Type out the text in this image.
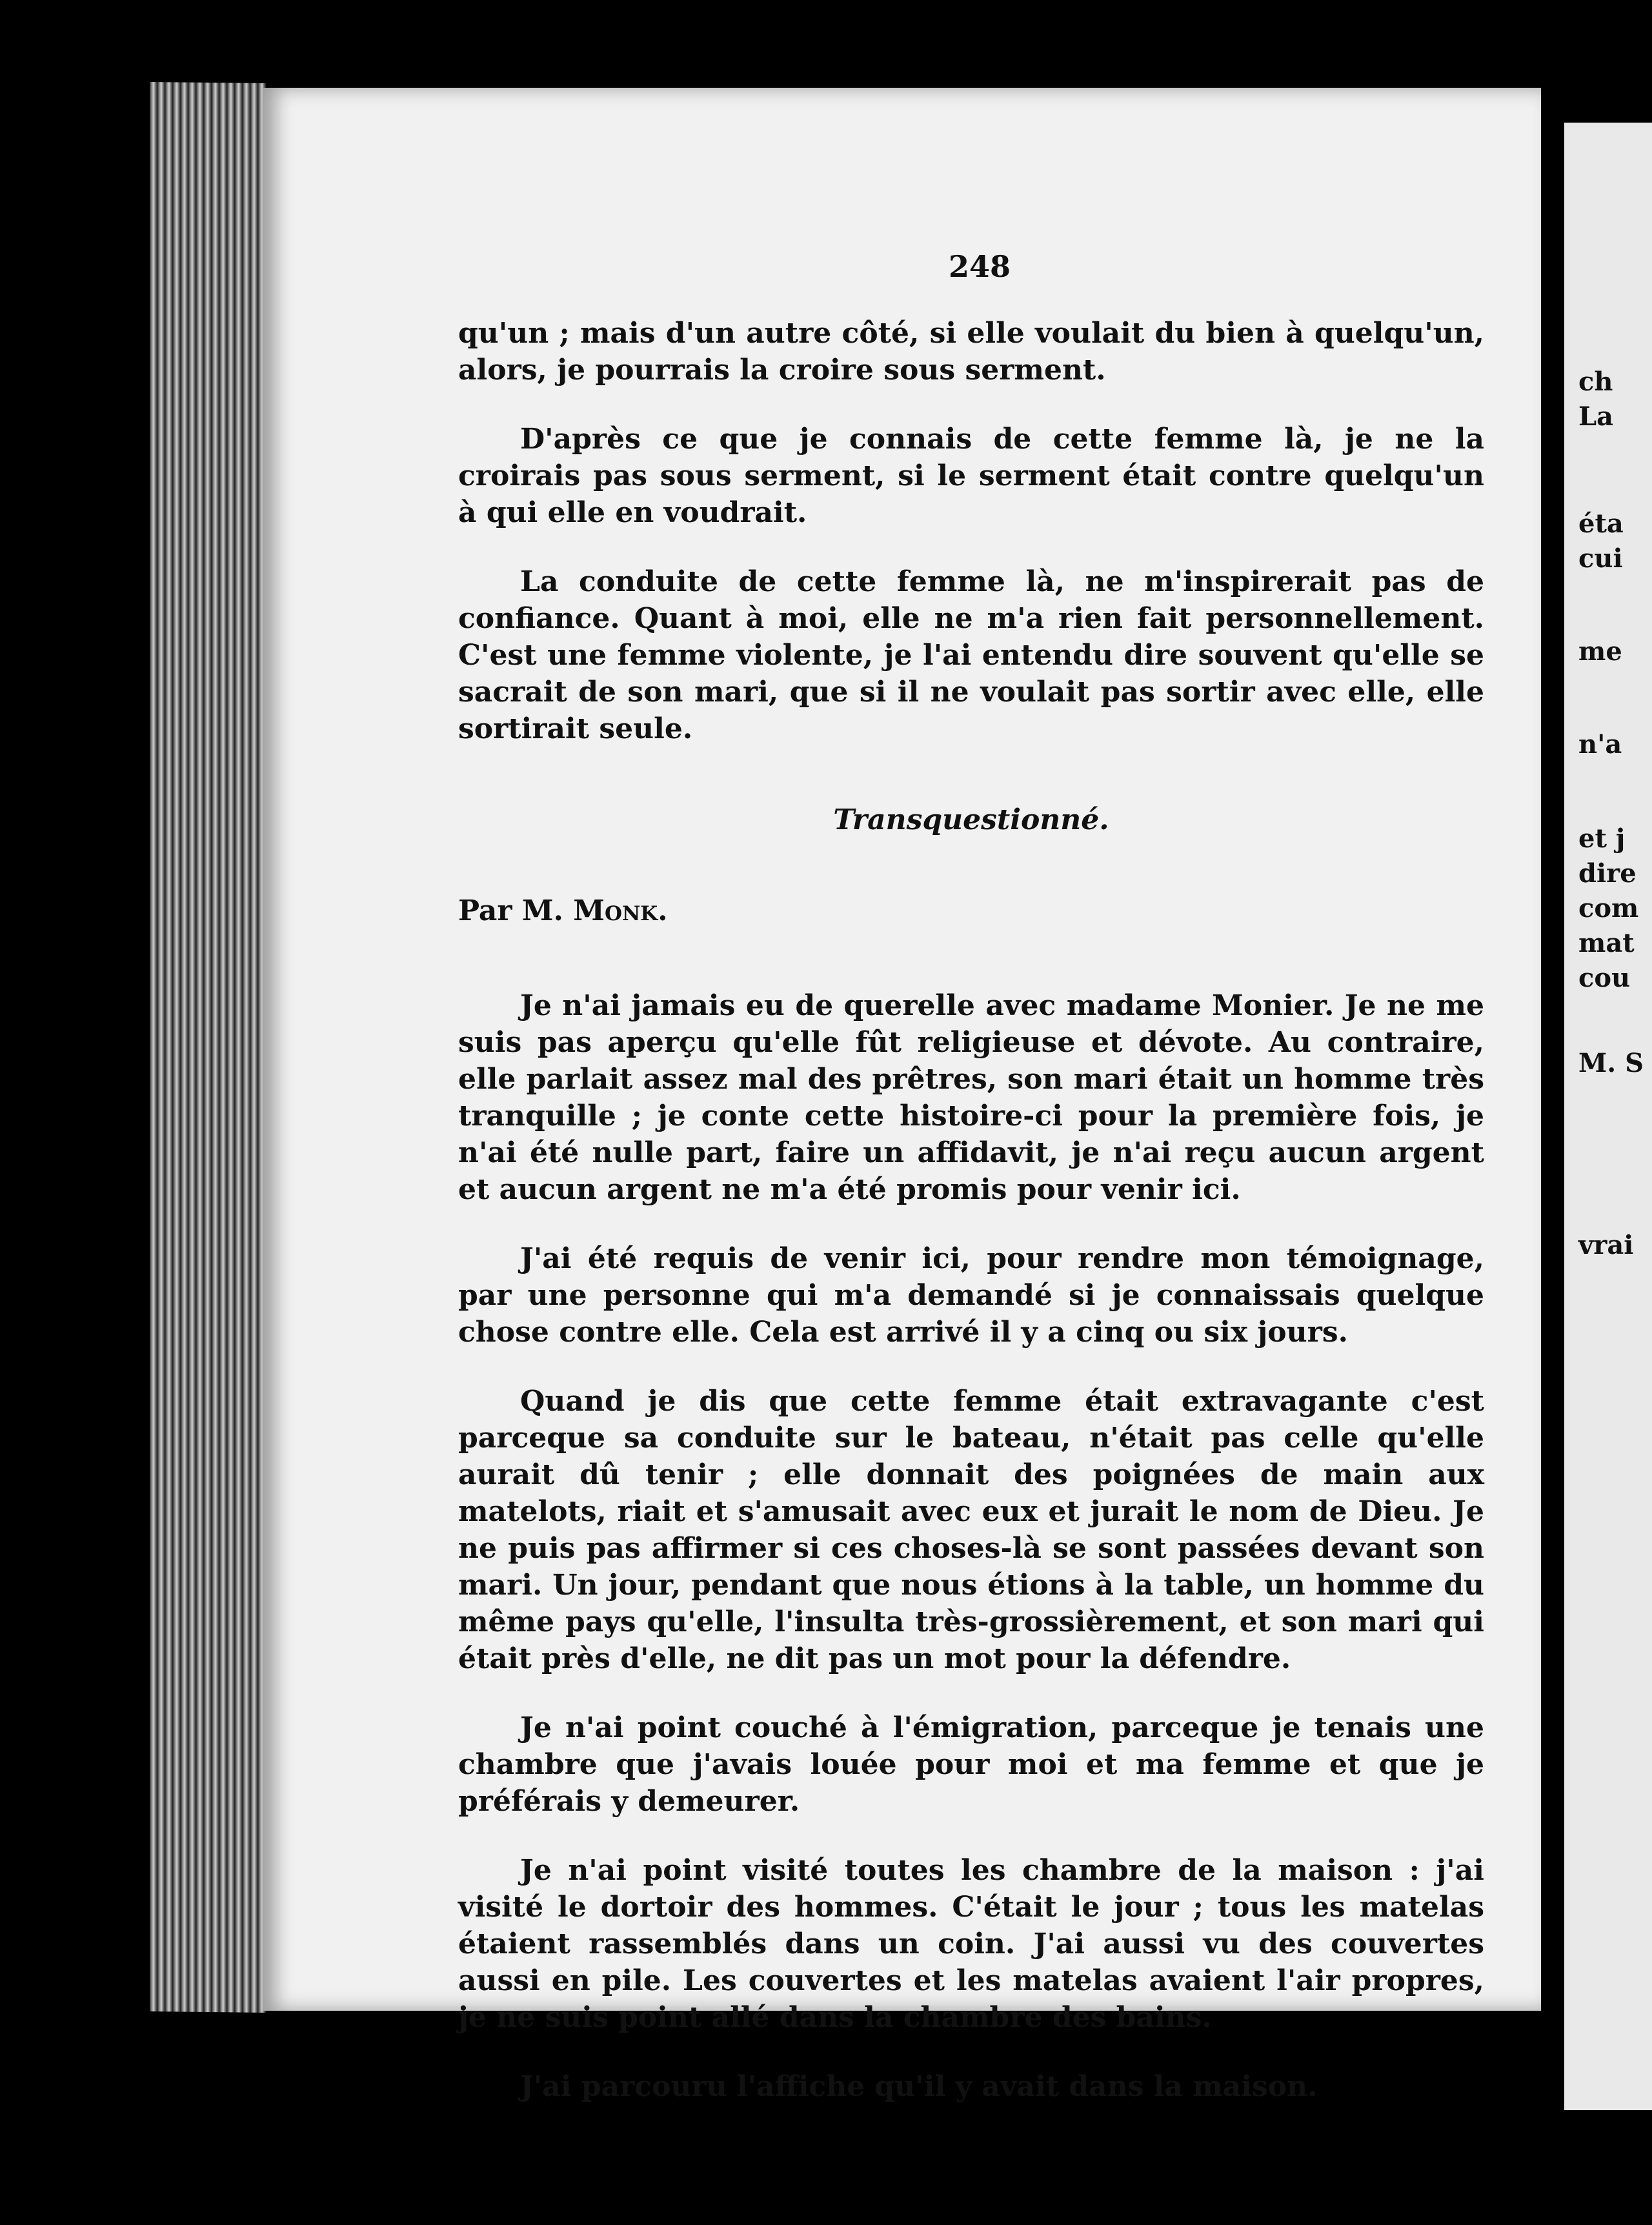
ch
La
éta
cui
me
n'a
et j
dire
com
mat
cou
M. S
vrai
248

qu'un ; mais d'un autre côté, si elle voulait du bien à quelqu'un, alors, je pourrais la croire sous serment.

D'après ce que je connais de cette femme là, je ne la croirais pas sous serment, si le serment était contre quelqu'un à qui elle en voudrait.

La conduite de cette femme là, ne m'inspirerait pas de confiance. Quant à moi, elle ne m'a rien fait personnellement. C'est une femme violente, je l'ai entendu dire souvent qu'elle se sacrait de son mari, que si il ne voulait pas sortir avec elle, elle sortirait seule.

Transquestionné.
Par M. Monk.

Je n'ai jamais eu de querelle avec madame Monier. Je ne me suis pas aperçu qu'elle fût religieuse et dévote. Au contraire, elle parlait assez mal des prêtres, son mari était un homme très tranquille ; je conte cette histoire-ci pour la première fois, je n'ai été nulle part, faire un affidavit, je n'ai reçu aucun argent et aucun argent ne m'a été promis pour venir ici.

J'ai été requis de venir ici, pour rendre mon témoignage, par une personne qui m'a demandé si je connaissais quelque chose contre elle. Cela est arrivé il y a cinq ou six jours.

Quand je dis que cette femme était extravagante c'est parceque sa conduite sur le bateau, n'était pas celle qu'elle aurait dû tenir ; elle donnait des poignées de main aux matelots, riait et s'amusait avec eux et jurait le nom de Dieu. Je ne puis pas affirmer si ces choses-là se sont passées devant son mari. Un jour, pendant que nous étions à la table, un homme du même pays qu'elle, l'insulta très-grossièrement, et son mari qui était près d'elle, ne dit pas un mot pour la défendre.

Je n'ai point couché à l'émigration, parceque je tenais une chambre que j'avais louée pour moi et ma femme et que je préférais y demeurer.

Je n'ai point visité toutes les chambre de la maison : j'ai visité le dortoir des hommes. C'était le jour ; tous les matelas étaient rassemblés dans un coin. J'ai aussi vu des couvertes aussi en pile. Les couvertes et les matelas avaient l'air propres, je ne suis point allé dans la chambre des bains.

J'ai parcouru l'affiche qu'il y avait dans la maison.
